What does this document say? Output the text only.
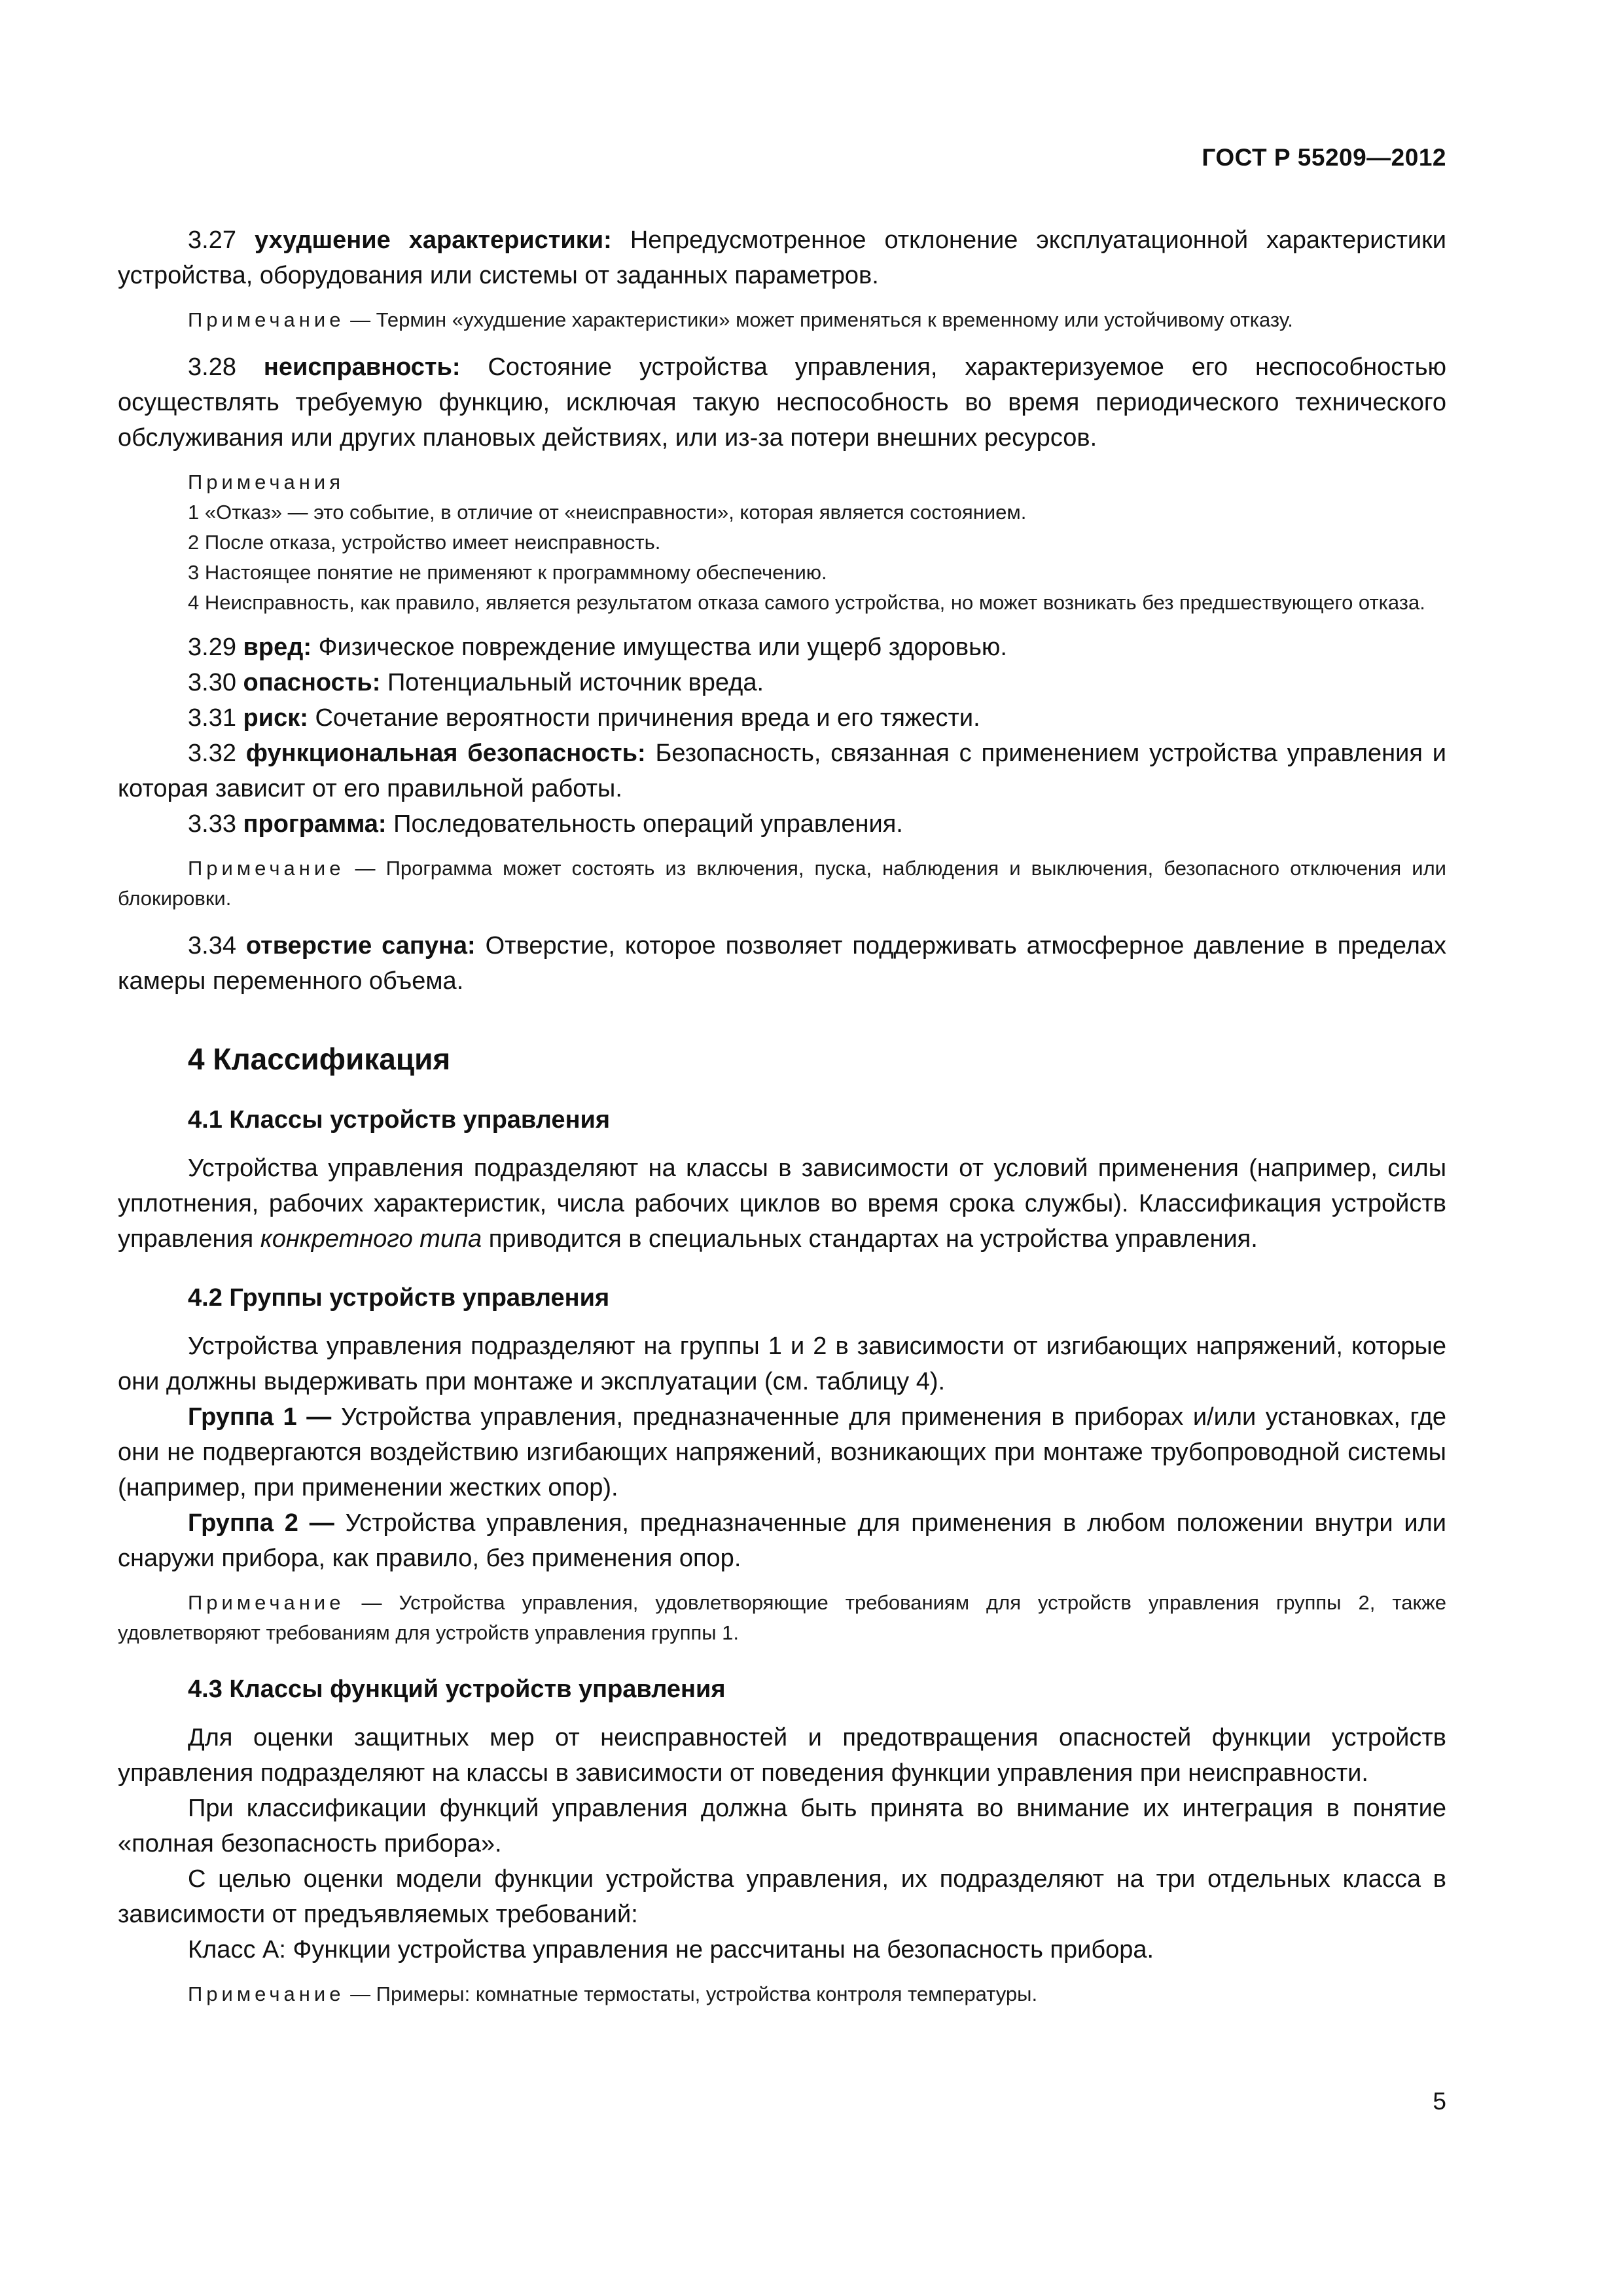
ГОСТ Р 55209—2012

3.27 ухудшение характеристики: Непредусмотренное отклонение эксплуатационной характеристики устройства, оборудования или системы от заданных параметров.

Примечание — Термин «ухудшение характеристики» может применяться к временному или устойчивому отказу.

3.28 неисправность: Состояние устройства управления, характеризуемое его неспособностью осуществлять требуемую функцию, исключая такую неспособность во время периодического технического обслуживания или других плановых действиях, или из-за потери внешних ресурсов.

Примечания

1 «Отказ» — это событие, в отличие от «неисправности», которая является состоянием.

2 После отказа, устройство имеет неисправность.

3 Настоящее понятие не применяют к программному обеспечению.

4 Неисправность, как правило, является результатом отказа самого устройства, но может возникать без предшествующего отказа.

3.29 вред: Физическое повреждение имущества или ущерб здоровью.

3.30 опасность: Потенциальный источник вреда.

3.31 риск: Сочетание вероятности причинения вреда и его тяжести.

3.32 функциональная безопасность: Безопасность, связанная с применением устройства управления и которая зависит от его правильной работы.

3.33 программа: Последовательность операций управления.

Примечание — Программа может состоять из включения, пуска, наблюдения и выключения, безопасного отключения или блокировки.

3.34 отверстие сапуна: Отверстие, которое позволяет поддерживать атмосферное давление в пределах камеры переменного объема.

4 Классификация
4.1 Классы устройств управления

Устройства управления подразделяют на классы в зависимости от условий применения (например, силы уплотнения, рабочих характеристик, числа рабочих циклов во время срока службы). Классификация устройств управления конкретного типа приводится в специальных стандартах на устройства управления.

4.2 Группы устройств управления

Устройства управления подразделяют на группы 1 и 2 в зависимости от изгибающих напряжений, которые они должны выдерживать при монтаже и эксплуатации (см. таблицу 4).

Группа 1 — Устройства управления, предназначенные для применения в приборах и/или установках, где они не подвергаются воздействию изгибающих напряжений, возникающих при монтаже трубопроводной системы (например, при применении жестких опор).

Группа 2 — Устройства управления, предназначенные для применения в любом положении внутри или снаружи прибора, как правило, без применения опор.

Примечание — Устройства управления, удовлетворяющие требованиям для устройств управления группы 2, также удовлетворяют требованиям для устройств управления группы 1.

4.3 Классы функций устройств управления

Для оценки защитных мер от неисправностей и предотвращения опасностей функции устройств управления подразделяют на классы в зависимости от поведения функции управления при неисправности.

При классификации функций управления должна быть принята во внимание их интеграция в понятие «полная безопасность прибора».

С целью оценки модели функции устройства управления, их подразделяют на три отдельных класса в зависимости от предъявляемых требований:

Класс А: Функции устройства управления не рассчитаны на безопасность прибора.

Примечание — Примеры: комнатные термостаты, устройства контроля температуры.

5
